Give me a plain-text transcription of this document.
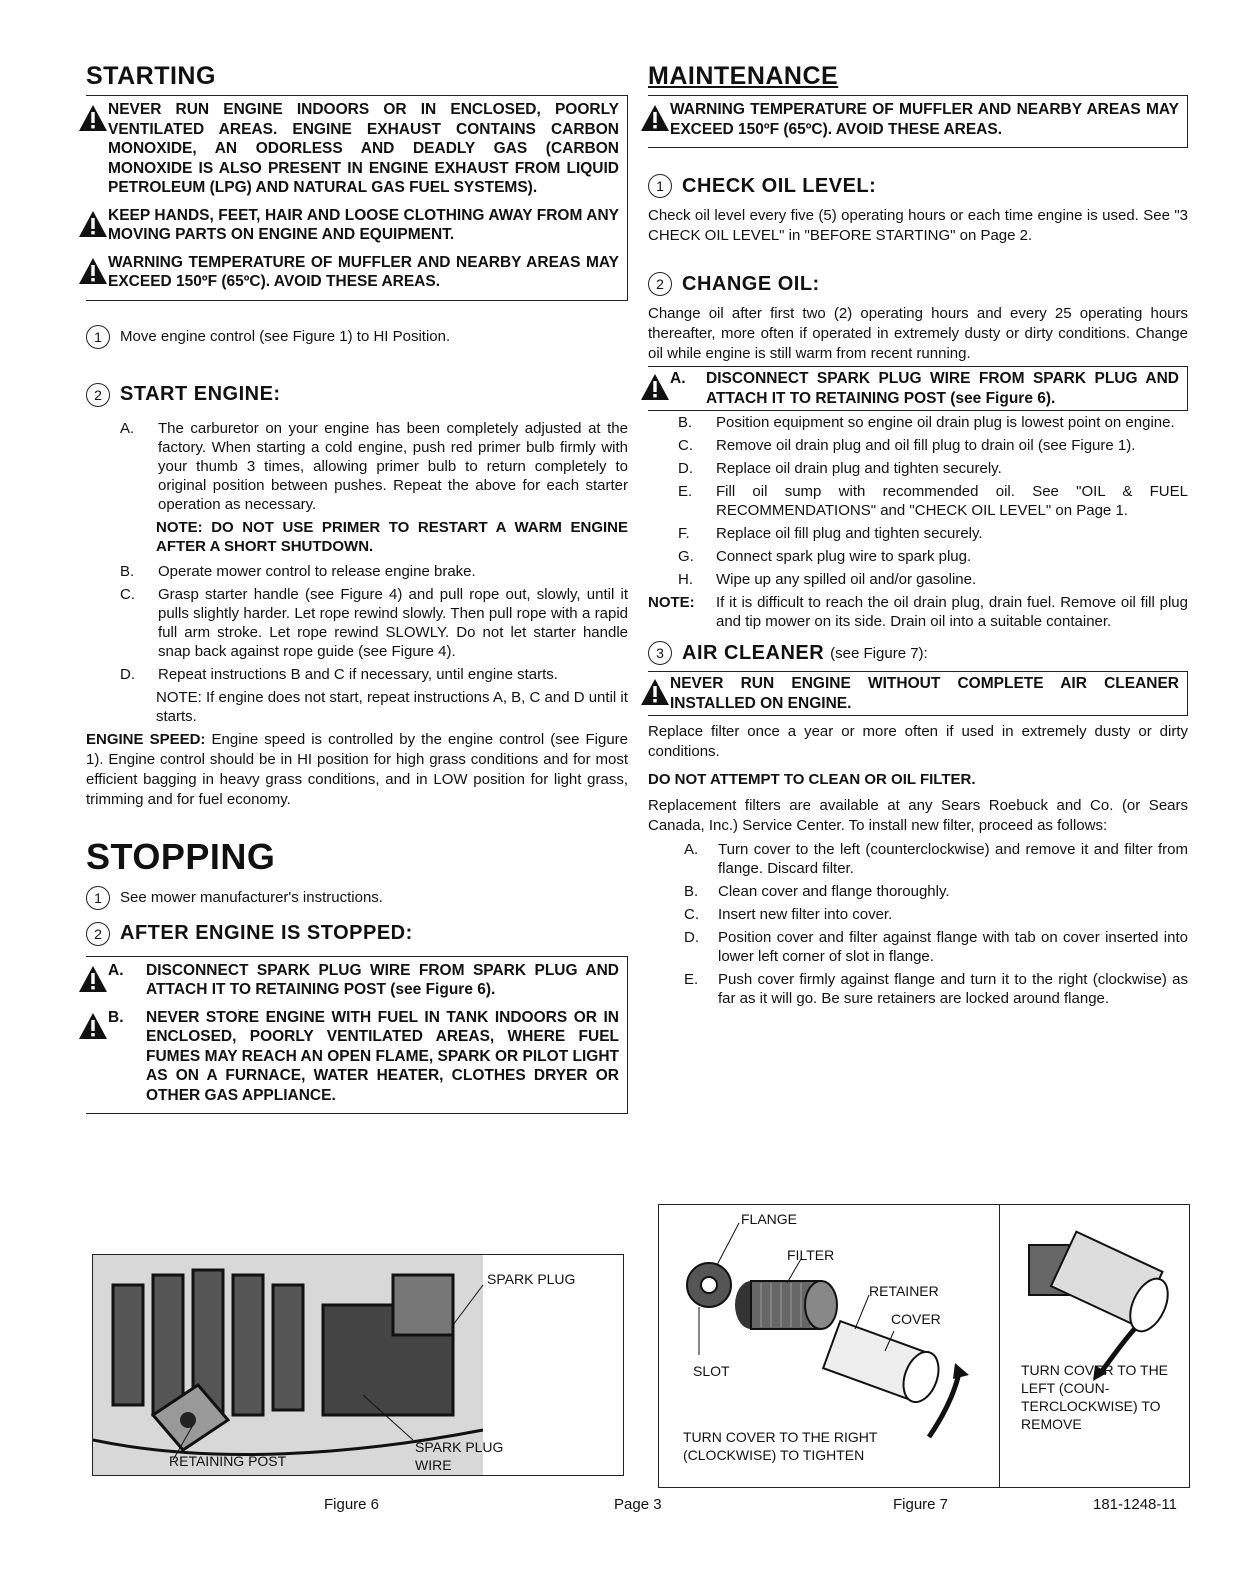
STARTING
NEVER RUN ENGINE INDOORS OR IN ENCLOSED, POORLY VENTILATED AREAS. ENGINE EXHAUST CONTAINS CARBON MONOXIDE, AN ODORLESS AND DEADLY GAS (CARBON MONOXIDE IS ALSO PRESENT IN ENGINE EXHAUST FROM LIQUID PETROLEUM (LPG) AND NATURAL GAS FUEL SYSTEMS).
KEEP HANDS, FEET, HAIR AND LOOSE CLOTHING AWAY FROM ANY MOVING PARTS ON ENGINE AND EQUIPMENT.
WARNING TEMPERATURE OF MUFFLER AND NEARBY AREAS MAY EXCEED 150ºF (65ºC). AVOID THESE AREAS.
1	Move engine control (see Figure 1) to HI Position.
2 START ENGINE:
A.	The carburetor on your engine has been completely adjusted at the factory. When starting a cold engine, push red primer bulb firmly with your thumb 3 times, allowing primer bulb to return completely to original position between pushes. Repeat the above for each starter operation as necessary.
NOTE: DO NOT USE PRIMER TO RESTART A WARM ENGINE AFTER A SHORT SHUTDOWN.
B.	Operate mower control to release engine brake.
C.	Grasp starter handle (see Figure 4) and pull rope out, slowly, until it pulls slightly harder. Let rope rewind slowly. Then pull rope with a rapid full arm stroke. Let rope rewind SLOWLY. Do not let starter handle snap back against rope guide (see Figure 4).
D.	Repeat instructions B and C if necessary, until engine starts.
NOTE: If engine does not start, repeat instructions A, B, C and D until it starts.

ENGINE SPEED: Engine speed is controlled by the engine control (see Figure 1). Engine control should be in HI position for high grass conditions and for most efficient bagging in heavy grass conditions, and in LOW position for light grass, trimming and for fuel economy.

STOPPING
1	See mower manufacturer's instructions.
2 AFTER ENGINE IS STOPPED:
A.	DISCONNECT SPARK PLUG WIRE FROM SPARK PLUG AND ATTACH IT TO RETAINING POST (see Figure 6).
B.	NEVER STORE ENGINE WITH FUEL IN TANK INDOORS OR IN ENCLOSED, POORLY VENTILATED AREAS, WHERE FUEL FUMES MAY REACH AN OPEN FLAME, SPARK OR PILOT LIGHT AS ON A FURNACE, WATER HEATER, CLOTHES DRYER OR OTHER GAS APPLIANCE.
MAINTENANCE
WARNING TEMPERATURE OF MUFFLER AND NEARBY AREAS MAY EXCEED 150ºF (65ºC). AVOID THESE AREAS.
1 CHECK OIL LEVEL:

Check oil level every five (5) operating hours or each time engine is used. See "3 CHECK OIL LEVEL" in "BEFORE STARTING" on Page 2.

2 CHANGE OIL:

Change oil after first two (2) operating hours and every 25 operating hours thereafter, more often if operated in extremely dusty or dirty conditions. Change oil while engine is still warm from recent running.

A.	DISCONNECT SPARK PLUG WIRE FROM SPARK PLUG AND ATTACH IT TO RETAINING POST (see Figure 6).
B.	Position equipment so engine oil drain plug is lowest point on engine.
C.	Remove oil drain plug and oil fill plug to drain oil (see Figure 1).
D.	Replace oil drain plug and tighten securely.
E.	Fill oil sump with recommended oil. See "OIL & FUEL RECOMMENDATIONS" and "CHECK OIL LEVEL" on Page 1.
F.	Replace oil fill plug and tighten securely.
G.	Connect spark plug wire to spark plug.
H.	Wipe up any spilled oil and/or gasoline.
NOTE:	If it is difficult to reach the oil drain plug, drain fuel. Remove oil fill plug and tip mower on its side. Drain oil into a suitable container.
3 AIR CLEANER (see Figure 7):
NEVER RUN ENGINE WITHOUT COMPLETE AIR CLEANER INSTALLED ON ENGINE.

Replace filter once a year or more often if used in extremely dusty or dirty conditions.

DO NOT ATTEMPT TO CLEAN OR OIL FILTER.

Replacement filters are available at any Sears Roebuck and Co. (or Sears Canada, Inc.) Service Center. To install new filter, proceed as follows:

A.	Turn cover to the left (counterclockwise) and remove it and filter from flange. Discard filter.
B.	Clean cover and flange thoroughly.
C.	Insert new filter into cover.
D.	Position cover and filter against flange with tab on cover inserted into lower left corner of slot in flange.
E.	Push cover firmly against flange and turn it to the right (clockwise) as far as it will go. Be sure retainers are locked around flange.
SPARK PLUG
RETAINING POST
SPARK PLUG
WIRE
Figure 6
FLANGE
FILTER
RETAINER
COVER
SLOT
TURN COVER TO THE RIGHT
(CLOCKWISE) TO TIGHTEN
TURN COVER TO THE LEFT (COUN-TERCLOCKWISE) TO REMOVE
Figure 7
Page 3	181-1248-11
